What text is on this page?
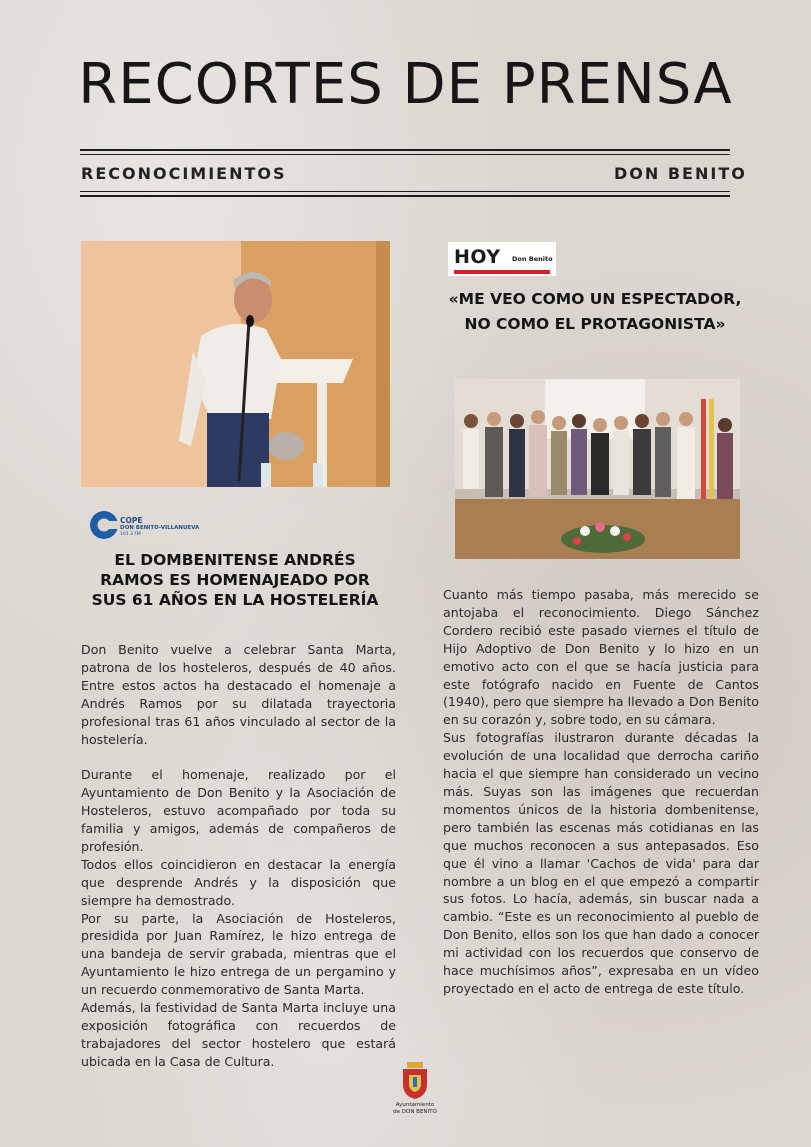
RECORTES DE PRENSA
RECONOCIMIENTOS	DON BENITO
COPE
DON BENITO-VILLANUEVA
101.3 FM
EL DOMBENITENSE ANDRÉS
RAMOS ES HOMENAJEADO POR
SUS 61 AÑOS EN LA HOSTELERÍA

Don Benito vuelve a celebrar Santa Marta, patrona de los hosteleros, después de 40 años. Entre estos actos ha destacado el homenaje a Andrés Ramos por su dilatada trayectoria profesional tras 61 años vinculado al sector de la hostelería.

Durante el homenaje, realizado por el Ayuntamiento de Don Benito y la Asociación de Hosteleros, estuvo acompañado por toda su familia y amigos, además de compañeros de profesión.

Todos ellos coincidieron en destacar la energía que desprende Andrés y la disposición que siempre ha demostrado.

Por su parte, la Asociación de Hosteleros, presidida por Juan Ramírez, le hizo entrega de una bandeja de servir grabada, mientras que el Ayuntamiento le hizo entrega de un pergamino y un recuerdo conmemorativo de Santa Marta.

Además, la festividad de Santa Marta incluye una exposición fotográfica con recuerdos de trabajadores del sector hostelero que estará ubicada en la Casa de Cultura.

HOY Don Benito
«ME VEO COMO UN ESPECTADOR,
NO COMO EL PROTAGONISTA»

Cuanto más tiempo pasaba, más merecido se antojaba el reconocimiento. Diego Sánchez Cordero recibió este pasado viernes el título de Hijo Adoptivo de Don Benito y lo hizo en un emotivo acto con el que se hacía justicia para este fotógrafo nacido en Fuente de Cantos (1940), pero que siempre ha llevado a Don Benito en su corazón y, sobre todo, en su cámara.

Sus fotografías ilustraron durante décadas la evolución de una localidad que derrocha cariño hacia el que siempre han considerado un vecino más. Suyas son las imágenes que recuerdan momentos únicos de la historia dombenitense, pero también las escenas más cotidianas en las que muchos reconocen a sus antepasados. Eso que él vino a llamar 'Cachos de vida' para dar nombre a un blog en el que empezó a compartir sus fotos. Lo hacía, además, sin buscar nada a cambio. “Este es un reconocimiento al pueblo de Don Benito, ellos son los que han dado a conocer mi actividad con los recuerdos que conservo de hace muchísimos años”, expresaba en un vídeo proyectado en el acto de entrega de este título.

Ayuntamiento
de DON BENITO
